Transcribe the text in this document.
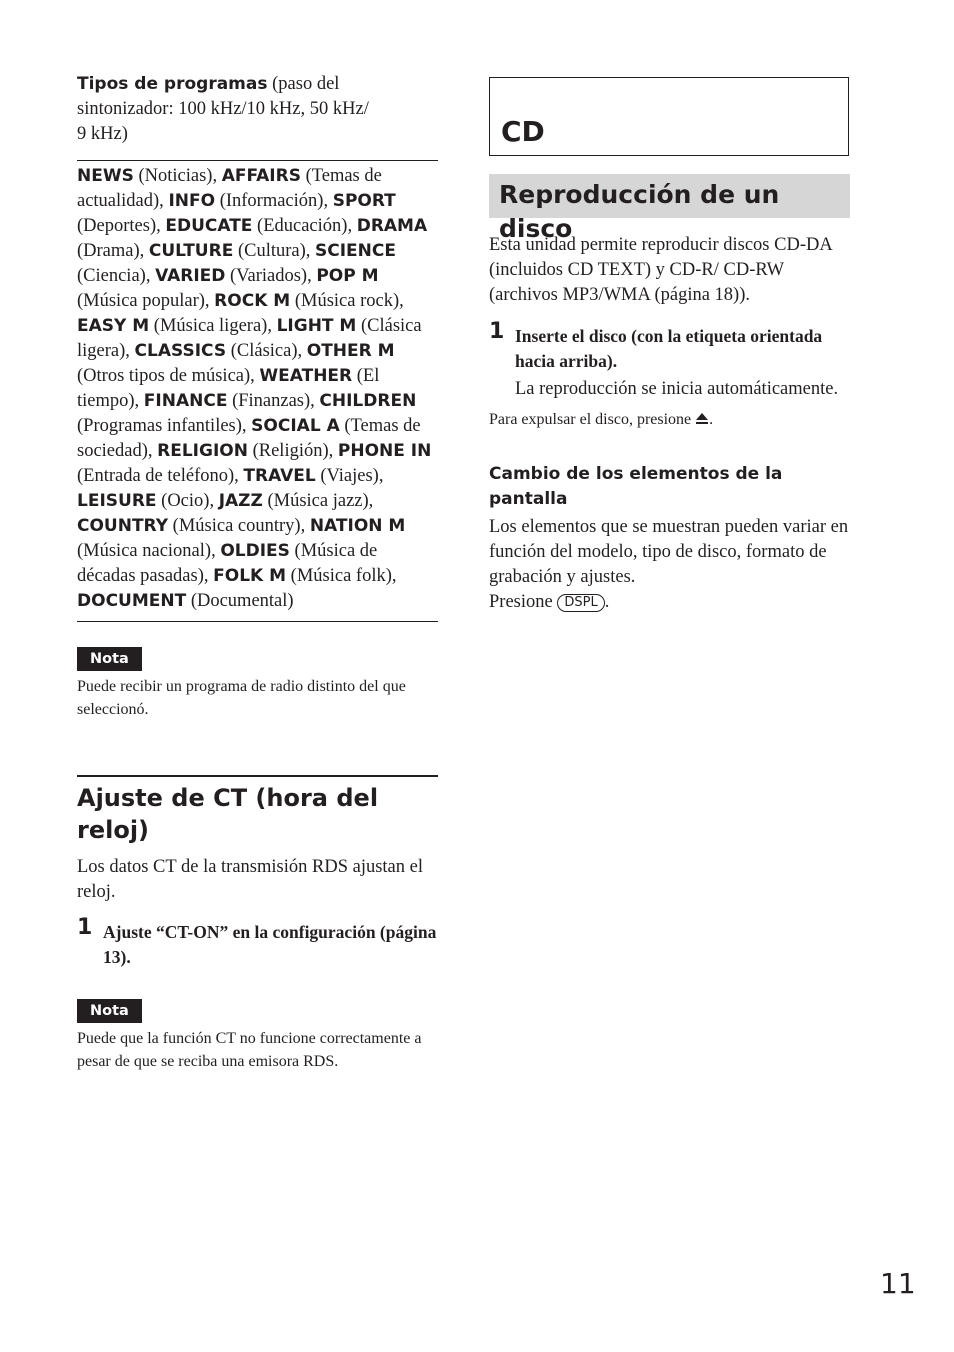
Tipos de programas (paso del
sintonizador: 100 kHz/10 kHz, 50 kHz/
9 kHz)

NEWS (Noticias), AFFAIRS (Temas de actualidad), INFO (Información), SPORT (Deportes), EDUCATE (Educación), DRAMA (Drama), CULTURE (Cultura), SCIENCE (Ciencia), VARIED (Variados), POP M (Música popular), ROCK M (Música rock), EASY M (Música ligera), LIGHT M (Clásica ligera), CLASSICS (Clásica), OTHER M (Otros tipos de música), WEATHER (El tiempo), FINANCE (Finanzas), CHILDREN (Programas infantiles), SOCIAL A (Temas de sociedad), RELIGION (Religión), PHONE IN (Entrada de teléfono), TRAVEL (Viajes), LEISURE (Ocio), JAZZ (Música jazz), COUNTRY (Música country), NATION M (Música nacional), OLDIES (Música de décadas pasadas), FOLK M (Música folk), DOCUMENT (Documental)

Nota

Puede recibir un programa de radio distinto del que seleccionó.

Ajuste de CT (hora del reloj)

Los datos CT de la transmisión RDS ajustan el reloj.

1 Ajuste “CT-ON” en la configuración (página 13).
Nota

Puede que la función CT no funcione correctamente a pesar de que se reciba una emisora RDS.

CD
Reproducción de un disco

Esta unidad permite reproducir discos CD-DA (incluidos CD TEXT) y CD-R/ CD-RW (archivos MP3/WMA (página 18)).

1 Inserte el disco (con la etiqueta orientada hacia arriba).
La reproducción se inicia automáticamente.

Para expulsar el disco, presione
.

Cambio de los elementos de la pantalla

Los elementos que se muestran pueden variar en función del modelo, tipo de disco, formato de grabación y ajustes.

Presione DSPL .

11
